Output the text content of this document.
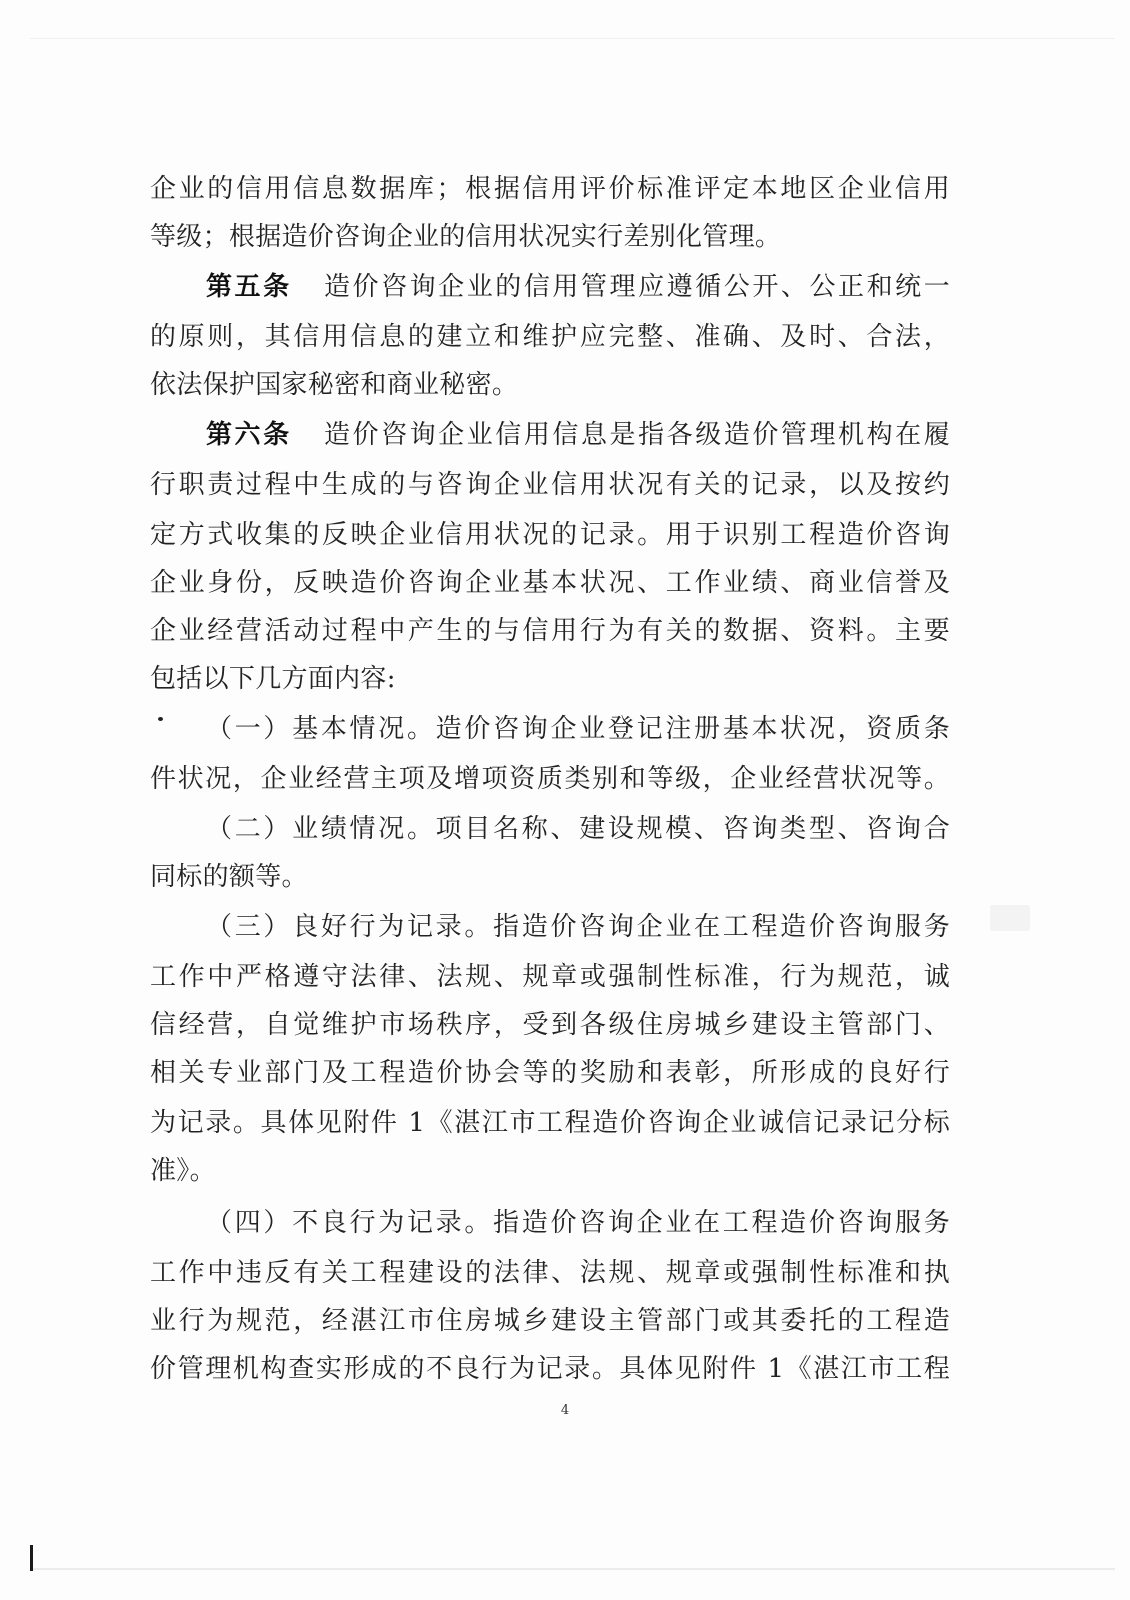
企业的信用信息数据库；根据信用评价标准评定本地区企业信用
等级；根据造价咨询企业的信用状况实行差别化管理。
第五条 造价咨询企业的信用管理应遵循公开、公正和统一
的原则，其信用信息的建立和维护应完整、准确、及时、合法，
依法保护国家秘密和商业秘密。
第六条 造价咨询企业信用信息是指各级造价管理机构在履
行职责过程中生成的与咨询企业信用状况有关的记录，以及按约
定方式收集的反映企业信用状况的记录。用于识别工程造价咨询
企业身份，反映造价咨询企业基本状况、工作业绩、商业信誉及
企业经营活动过程中产生的与信用行为有关的数据、资料。主要
包括以下几方面内容:
（一）基本情况。造价咨询企业登记注册基本状况，资质条
件状况，企业经营主项及增项资质类别和等级，企业经营状况等。
（二）业绩情况。项目名称、建设规模、咨询类型、咨询合
同标的额等。
（三）良好行为记录。指造价咨询企业在工程造价咨询服务
工作中严格遵守法律、法规、规章或强制性标准，行为规范，诚
信经营，自觉维护市场秩序，受到各级住房城乡建设主管部门、
相关专业部门及工程造价协会等的奖励和表彰，所形成的良好行
为记录。具体见附件 1《湛江市工程造价咨询企业诚信记录记分标
准》。
（四）不良行为记录。指造价咨询企业在工程造价咨询服务
工作中违反有关工程建设的法律、法规、规章或强制性标准和执
业行为规范，经湛江市住房城乡建设主管部门或其委托的工程造
价管理机构查实形成的不良行为记录。具体见附件 1《湛江市工程
4
